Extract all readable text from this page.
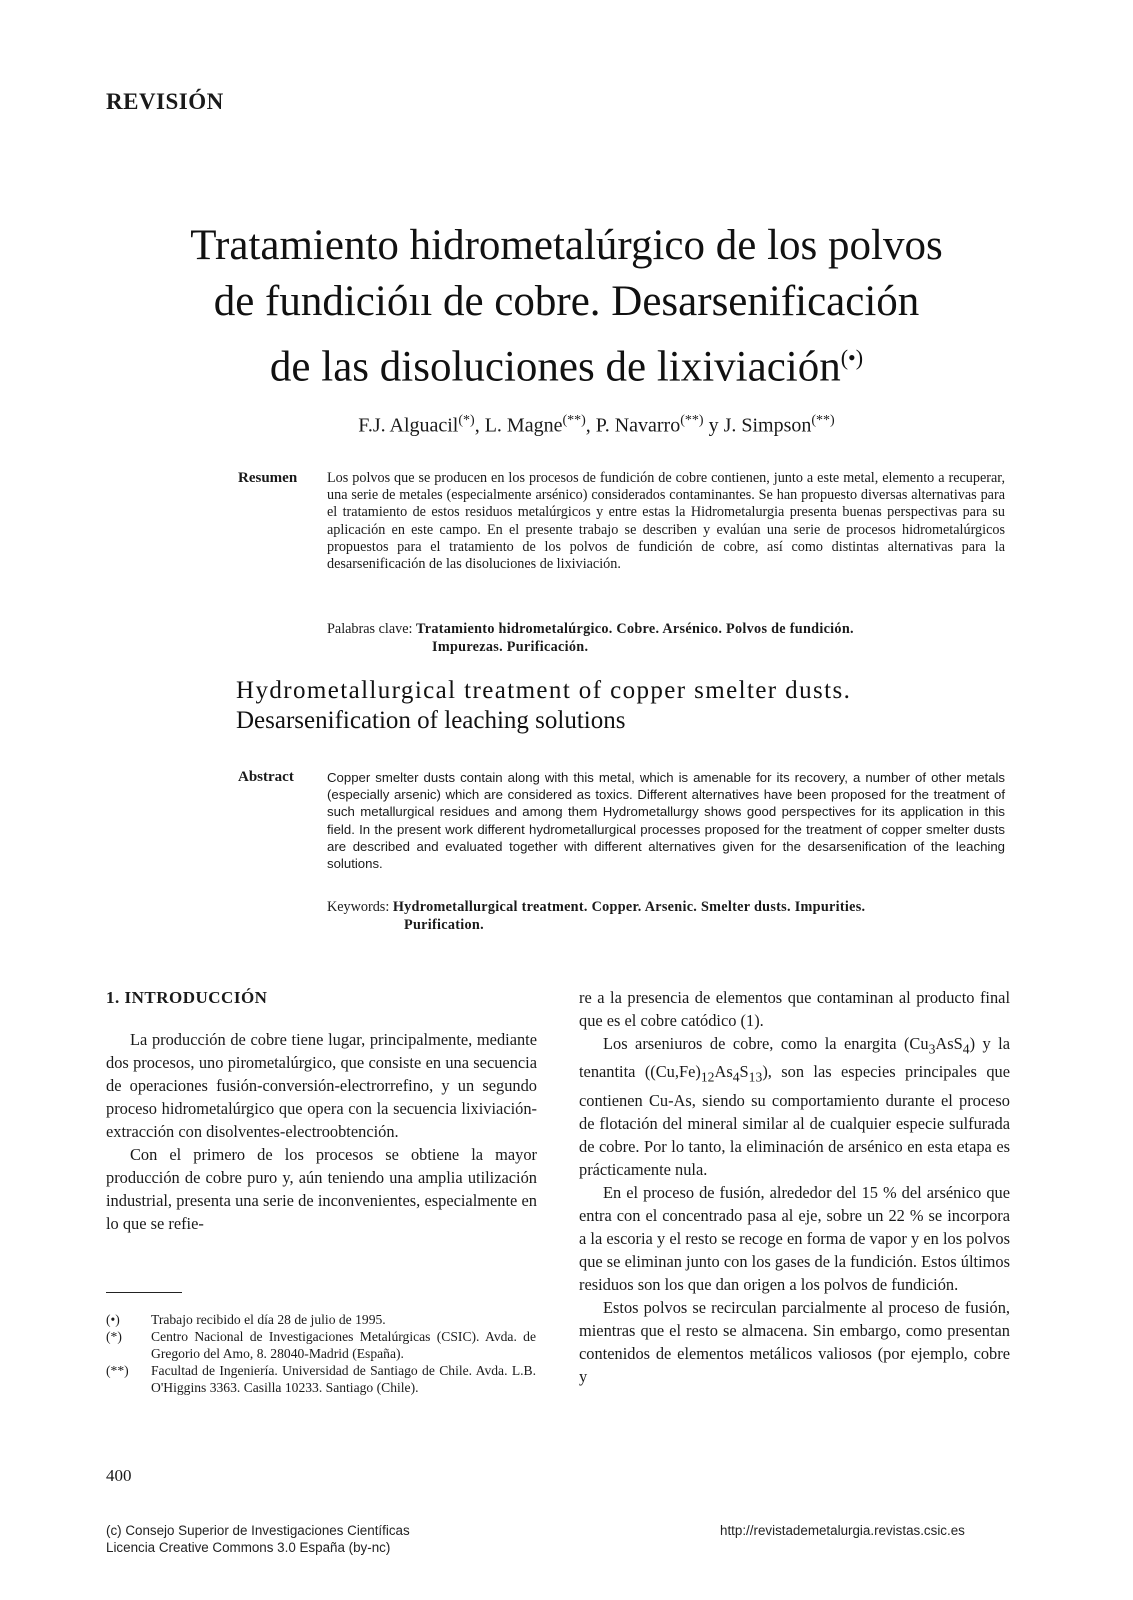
REVISIÓN
Tratamiento hidrometalúrgico de los polvos
de fundicióıı de cobre. Desarsenificación
de las disoluciones de lixiviación(•)
F.J. Alguacil(*), L. Magne(**), P. Navarro(**) y J. Simpson(**)
Resumen Los polvos que se producen en los procesos de fundición de cobre contienen, junto a este metal, elemento a recuperar, una serie de metales (especialmente arsénico) considerados contaminantes. Se han propuesto diversas alternativas para el tratamiento de estos residuos metalúrgicos y entre estas la Hidrometalurgia presenta buenas perspectivas para su aplicación en este campo. En el presente trabajo se describen y evalúan una serie de procesos hidrometalúrgicos propuestos para el tratamiento de los polvos de fundición de cobre, así como distintas alternativas para la desarsenificación de las disoluciones de lixiviación.
Palabras clave: Tratamiento hidrometalúrgico. Cobre. Arsénico. Polvos de fundición.
Impurezas. Purificación.
Hydrometallurgical treatment of copper smelter dusts.
Desarsenification of leaching solutions
Abstract	Copper smelter dusts contain along with this metal, which is amenable for its recovery, a number of other metals (especially arsenic) which are considered as toxics. Different alternatives have been proposed for the treatment of such metallurgical residues and among them Hydrometallurgy shows good perspectives for its application in this field. In the present work different hydrometallurgical processes proposed for the treatment of copper smelter dusts are described and evaluated together with different alternatives given for the desarsenification of the leaching solutions.
Keywords: Hydrometallurgical treatment. Copper. Arsenic. Smelter dusts. Impurities.
Purification.
1. INTRODUCCIÓN

La producción de cobre tiene lugar, principalmente, mediante dos procesos, uno pirometalúrgico, que consiste en una secuencia de operaciones fusión-conversión-electrorrefino, y un segundo proceso hidrometalúrgico que opera con la secuencia lixiviación-extracción con disolventes-electroobtención.

Con el primero de los procesos se obtiene la mayor producción de cobre puro y, aún teniendo una amplia utilización industrial, presenta una serie de inconvenientes, especialmente en lo que se refie-

re a la presencia de elementos que contaminan al producto final que es el cobre catódico (1).

Los arseniuros de cobre, como la enargita $(Cu_3AsS_4)$ y la tenantita $((Cu,Fe)_{12}As_4S_{13})$, son las especies principales que contienen Cu-As, siendo su comportamiento durante el proceso de flotación del mineral similar al de cualquier especie sulfurada de cobre. Por lo tanto, la eliminación de arsénico en esta etapa es prácticamente nula.

En el proceso de fusión, alrededor del 15 % del arsénico que entra con el concentrado pasa al eje, sobre un 22 % se incorpora a la escoria y el resto se recoge en forma de vapor y en los polvos que se eliminan junto con los gases de la fundición. Estos últimos residuos son los que dan origen a los polvos de fundición.

Estos polvos se recirculan parcialmente al proceso de fusión, mientras que el resto se almacena. Sin embargo, como presentan contenidos de elementos metálicos valiosos (por ejemplo, cobre y

(•)	Trabajo recibido el día 28 de julio de 1995.
(*)	Centro Nacional de Investigaciones Metalúrgicas (CSIC). Avda. de Gregorio del Amo, 8. 28040-Madrid (España).
(**)	Facultad de Ingeniería. Universidad de Santiago de Chile. Avda. L.B. O'Higgins 3363. Casilla 10233. Santiago (Chile).
400
(c) Consejo Superior de Investigaciones Científicas
Licencia Creative Commons 3.0 España (by-nc)
http://revistademetalurgia.revistas.csic.es
